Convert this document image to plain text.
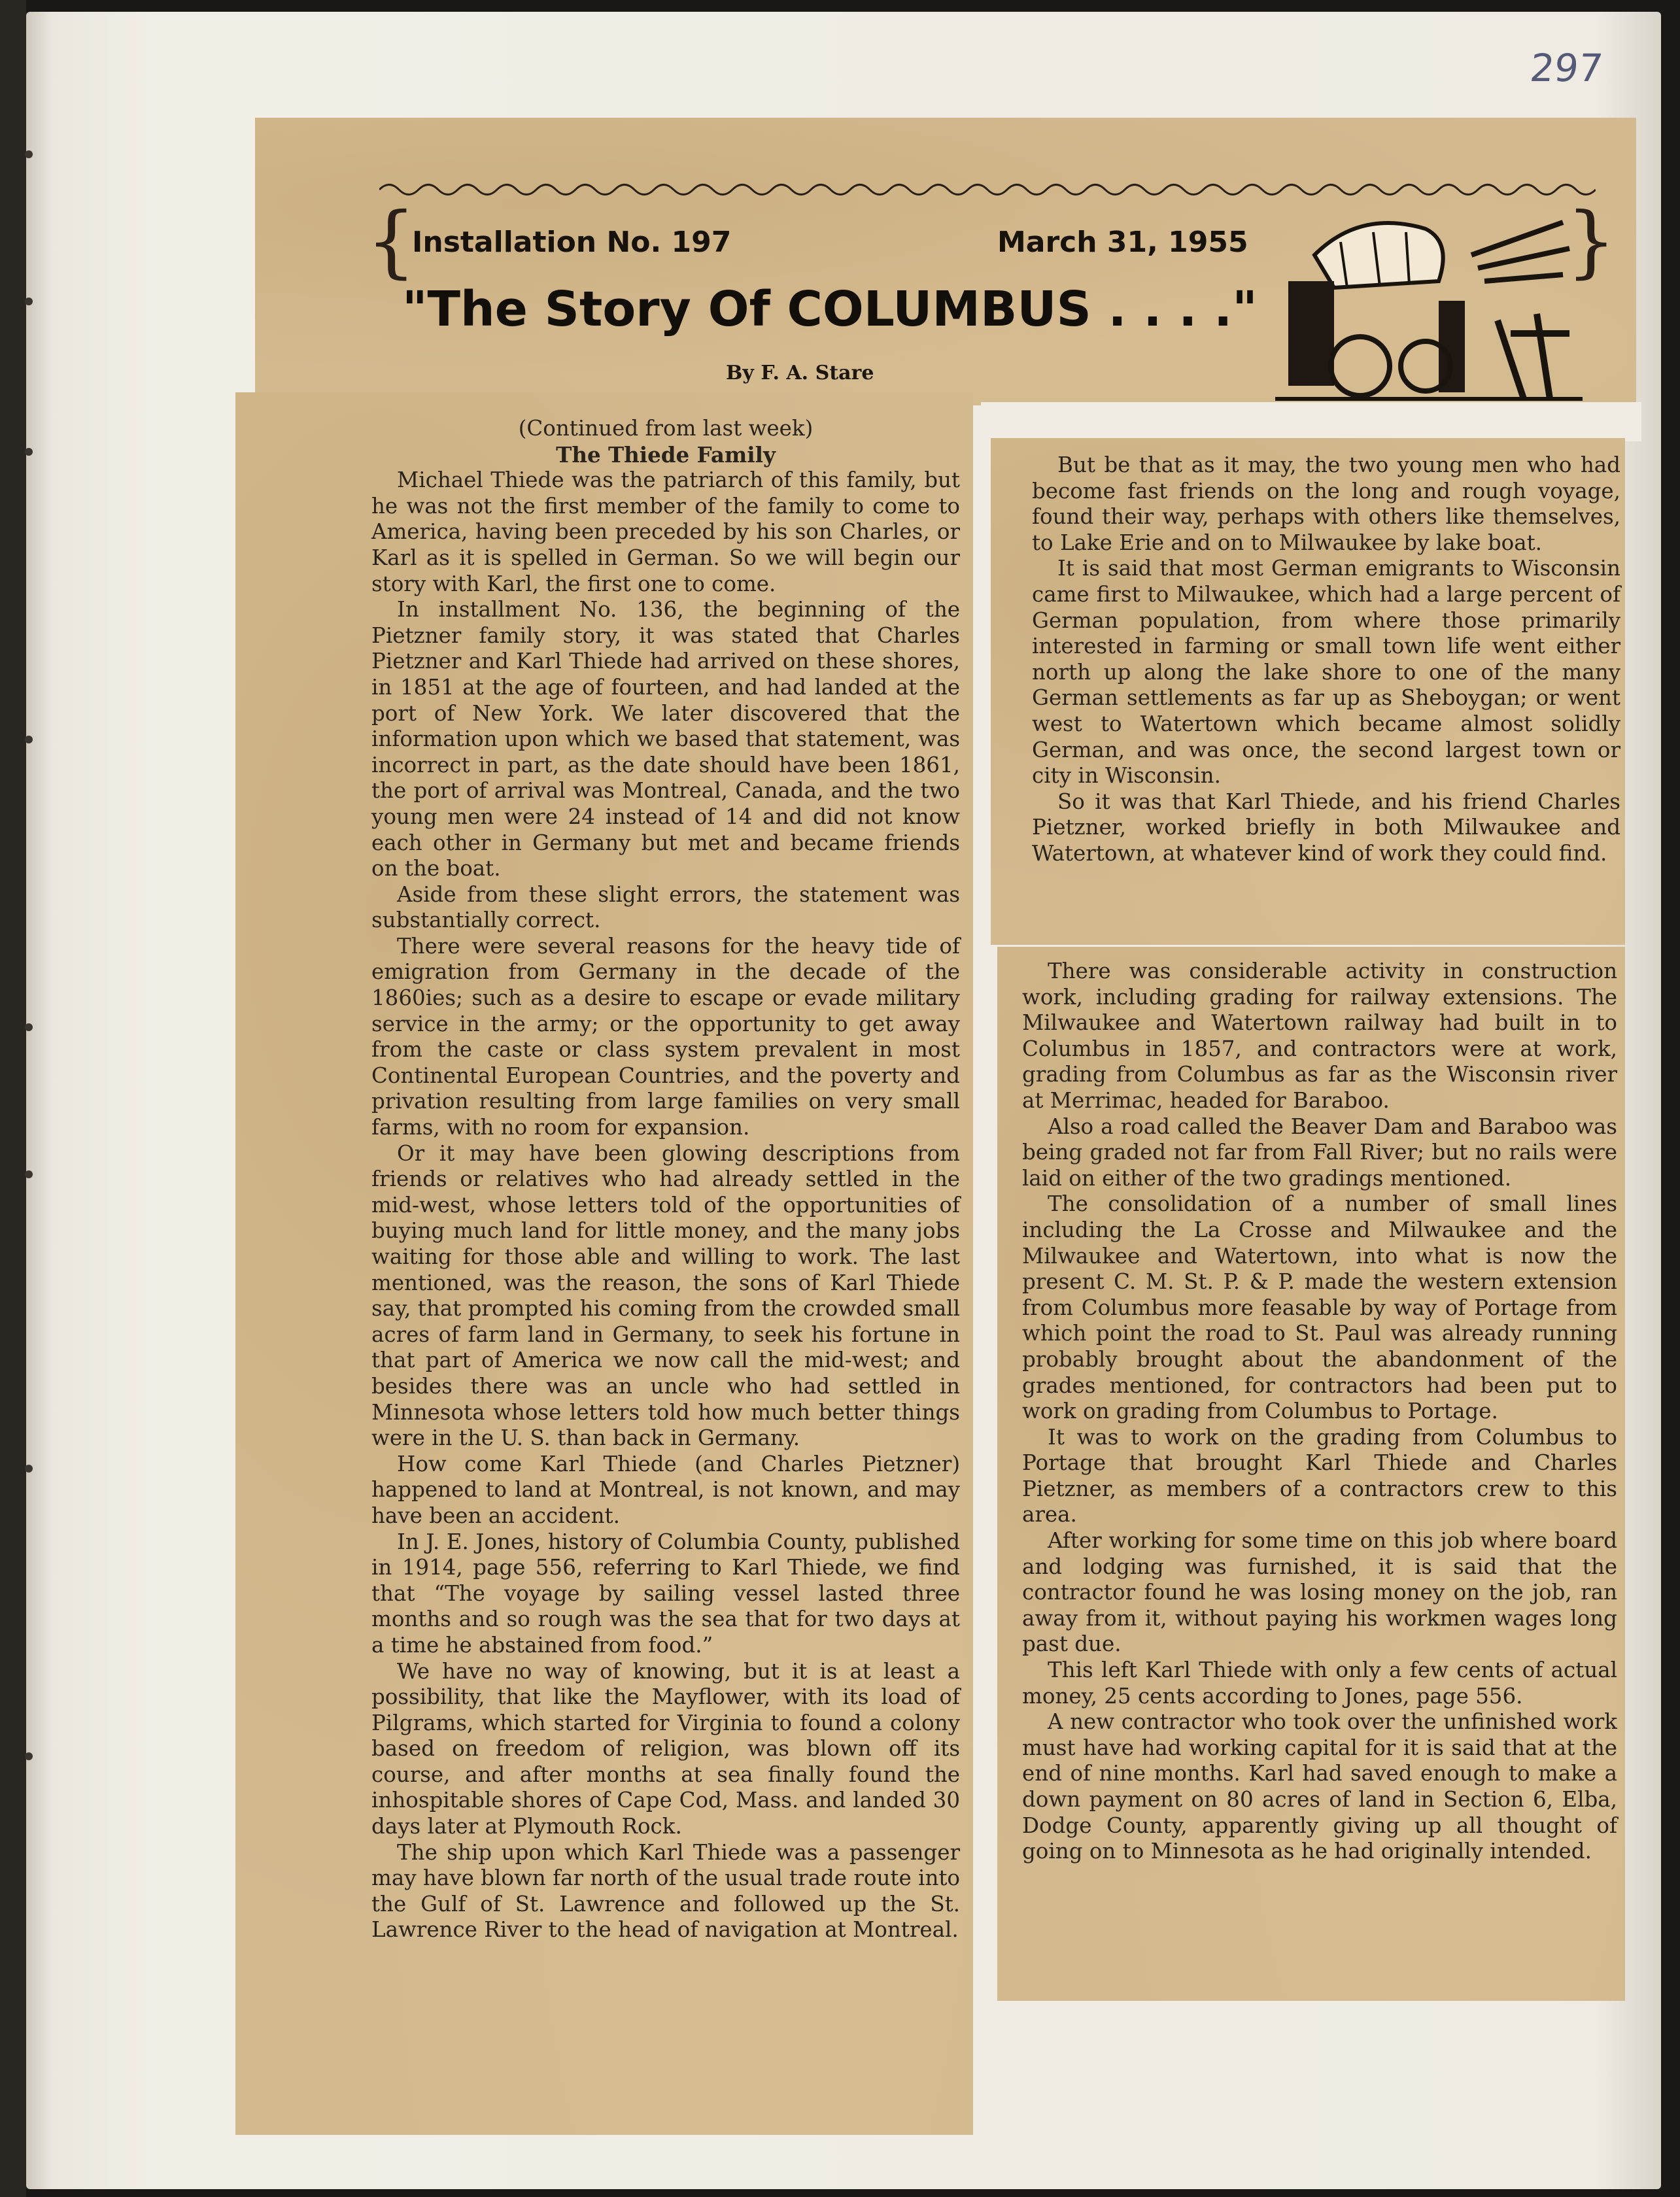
297
{	}
Installation No. 197	March 31, 1955
"The Story Of COLUMBUS . . . ."
By F. A. Stare

(Continued from last week)

The Thiede Family

Michael Thiede was the patriarch of this family, but he was not the first member of the family to come to America, having been preceded by his son Charles, or Karl as it is spelled in German. So we will begin our story with Karl, the first one to come.

In installment No. 136, the beginning of the Pietzner family story, it was stated that Charles Pietzner and Karl Thiede had arrived on these shores, in 1851 at the age of fourteen, and had landed at the port of New York. We later discovered that the information upon which we based that statement, was incorrect in part, as the date should have been 1861, the port of arrival was Montreal, Canada, and the two young men were 24 instead of 14 and did not know each other in Germany but met and became friends on the boat.

Aside from these slight errors, the statement was substantially correct.

There were several reasons for the heavy tide of emigration from Germany in the decade of the 1860ies; such as a desire to escape or evade military service in the army; or the opportunity to get away from the caste or class system prevalent in most Continental European Countries, and the poverty and privation resulting from large families on very small farms, with no room for expansion.

Or it may have been glowing descriptions from friends or relatives who had already settled in the mid-west, whose letters told of the opportunities of buying much land for little money, and the many jobs waiting for those able and willing to work. The last mentioned, was the reason, the sons of Karl Thiede say, that prompted his coming from the crowded small acres of farm land in Germany, to seek his fortune in that part of America we now call the mid-west; and besides there was an uncle who had settled in Minnesota whose letters told how much better things were in the U. S. than back in Germany.

How come Karl Thiede (and Charles Pietzner) happened to land at Montreal, is not known, and may have been an accident.

In J. E. Jones, history of Columbia County, published in 1914, page 556, referring to Karl Thiede, we find that “The voyage by sailing vessel lasted three months and so rough was the sea that for two days at a time he abstained from food.”

We have no way of knowing, but it is at least a possibility, that like the Mayflower, with its load of Pilgrams, which started for Virginia to found a colony based on freedom of religion, was blown off its course, and after months at sea finally found the inhospitable shores of Cape Cod, Mass. and landed 30 days later at Plymouth Rock.

The ship upon which Karl Thiede was a passenger may have blown far north of the usual trade route into the Gulf of St. Lawrence and followed up the St. Lawrence River to the head of navigation at Montreal.

But be that as it may, the two young men who had become fast friends on the long and rough voyage, found their way, perhaps with others like themselves, to Lake Erie and on to Milwaukee by lake boat.

It is said that most German emigrants to Wisconsin came first to Milwaukee, which had a large percent of German population, from where those primarily interested in farming or small town life went either north up along the lake shore to one of the many German settlements as far up as Sheboygan; or went west to Watertown which became almost solidly German, and was once, the second largest town or city in Wisconsin.

So it was that Karl Thiede, and his friend Charles Pietzner, worked briefly in both Milwaukee and Watertown, at whatever kind of work they could find.

There was considerable activity in construction work, including grading for railway extensions. The Milwaukee and Watertown railway had built in to Columbus in 1857, and contractors were at work, grading from Columbus as far as the Wisconsin river at Merrimac, headed for Baraboo.

Also a road called the Beaver Dam and Baraboo was being graded not far from Fall River; but no rails were laid on either of the two gradings mentioned.

The consolidation of a number of small lines including the La Crosse and Milwaukee and the Milwaukee and Watertown, into what is now the present C. M. St. P. & P. made the western extension from Columbus more feasable by way of Portage from which point the road to St. Paul was already running probably brought about the abandonment of the grades mentioned, for contractors had been put to work on grading from Columbus to Portage.

It was to work on the grading from Columbus to Portage that brought Karl Thiede and Charles Pietzner, as members of a contractors crew to this area.

After working for some time on this job where board and lodging was furnished, it is said that the contractor found he was losing money on the job, ran away from it, without paying his workmen wages long past due.

This left Karl Thiede with only a few cents of actual money, 25 cents according to Jones, page 556.

A new contractor who took over the unfinished work must have had working capital for it is said that at the end of nine months. Karl had saved enough to make a down payment on 80 acres of land in Section 6, Elba, Dodge County, apparently giving up all thought of going on to Minnesota as he had originally intended.
